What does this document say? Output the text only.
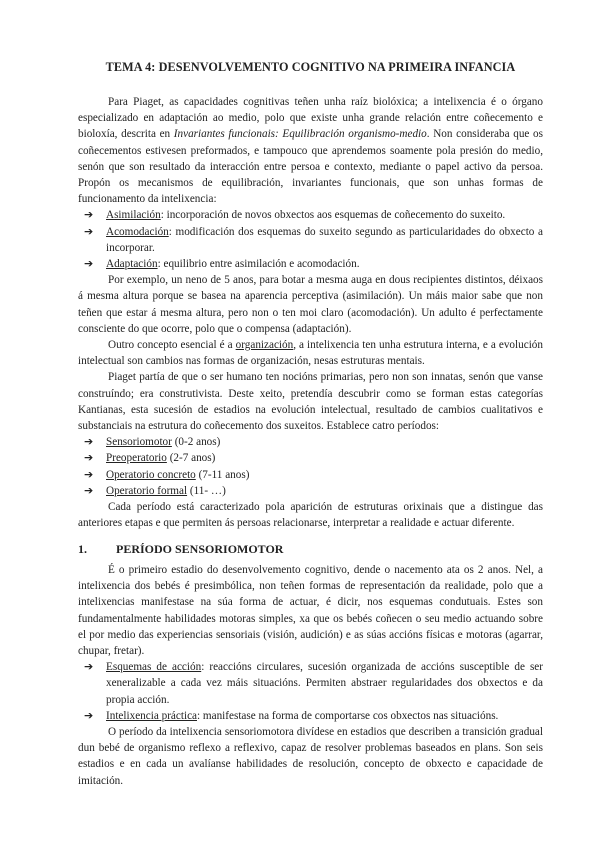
TEMA 4: DESENVOLVEMENTO COGNITIVO NA PRIMEIRA INFANCIA

Para Piaget, as capacidades cognitivas teñen unha raíz biolóxica; a intelixencia é o órgano especializado en adaptación ao medio, polo que existe unha grande relación entre coñecemento e bioloxía, descrita en Invariantes funcionais: Equilibración organismo-medio. Non consideraba que os coñecementos estivesen preformados, e tampouco que aprendemos soamente pola presión do medio, senón que son resultado da interacción entre persoa e contexto, mediante o papel activo da persoa. Propón os mecanismos de equilibración, invariantes funcionais, que son unhas formas de funcionamento da intelixencia:

➔ Asimilación: incorporación de novos obxectos aos esquemas de coñecemento do suxeito.
➔ Acomodación: modificación dos esquemas do suxeito segundo as particularidades do obxecto a incorporar.
➔ Adaptación: equilibrio entre asimilación e acomodación.

Por exemplo, un neno de 5 anos, para botar a mesma auga en dous recipientes distintos, déixaos á mesma altura porque se basea na aparencia perceptiva (asimilación). Un máis maior sabe que non teñen que estar á mesma altura, pero non o ten moi claro (acomodación). Un adulto é perfectamente consciente do que ocorre, polo que o compensa (adaptación).

Outro concepto esencial é a organización, a intelixencia ten unha estrutura interna, e a evolución intelectual son cambios nas formas de organización, nesas estruturas mentais.

Piaget partía de que o ser humano ten nocións primarias, pero non son innatas, senón que vanse construíndo; era construtivista. Deste xeito, pretendía descubrir como se forman estas categorías Kantianas, esta sucesión de estadios na evolución intelectual, resultado de cambios cualitativos e substanciais na estrutura do coñecemento dos suxeitos. Establece catro períodos:

➔ Sensoriomotor (0-2 anos)
➔ Preoperatorio (2-7 anos)
➔ Operatorio concreto (7-11 anos)
➔ Operatorio formal (11- …)

Cada período está caracterizado pola aparición de estruturas orixinais que a distingue das anteriores etapas e que permiten ás persoas relacionarse, interpretar a realidade e actuar diferente.

1. PERÍODO SENSORIOMOTOR

É o primeiro estadio do desenvolvemento cognitivo, dende o nacemento ata os 2 anos. Nel, a intelixencia dos bebés é presimbólica, non teñen formas de representación da realidade, polo que a intelixencias manifestase na súa forma de actuar, é dicir, nos esquemas condutuais. Estes son fundamentalmente habilidades motoras simples, xa que os bebés coñecen o seu medio actuando sobre el por medio das experiencias sensoriais (visión, audición) e as súas accións físicas e motoras (agarrar, chupar, fretar).

➔ Esquemas de acción: reaccións circulares, sucesión organizada de accións susceptible de ser xeneralizable a cada vez máis situacións. Permiten abstraer regularidades dos obxectos e da propia acción.
➔ Intelixencia práctica: manifestase na forma de comportarse cos obxectos nas situacións.

O período da intelixencia sensoriomotora divídese en estadios que describen a transición gradual dun bebé de organismo reflexo a reflexivo, capaz de resolver problemas baseados en plans. Son seis estadios e en cada un avalíanse habilidades de resolución, concepto de obxecto e capacidade de imitación.
